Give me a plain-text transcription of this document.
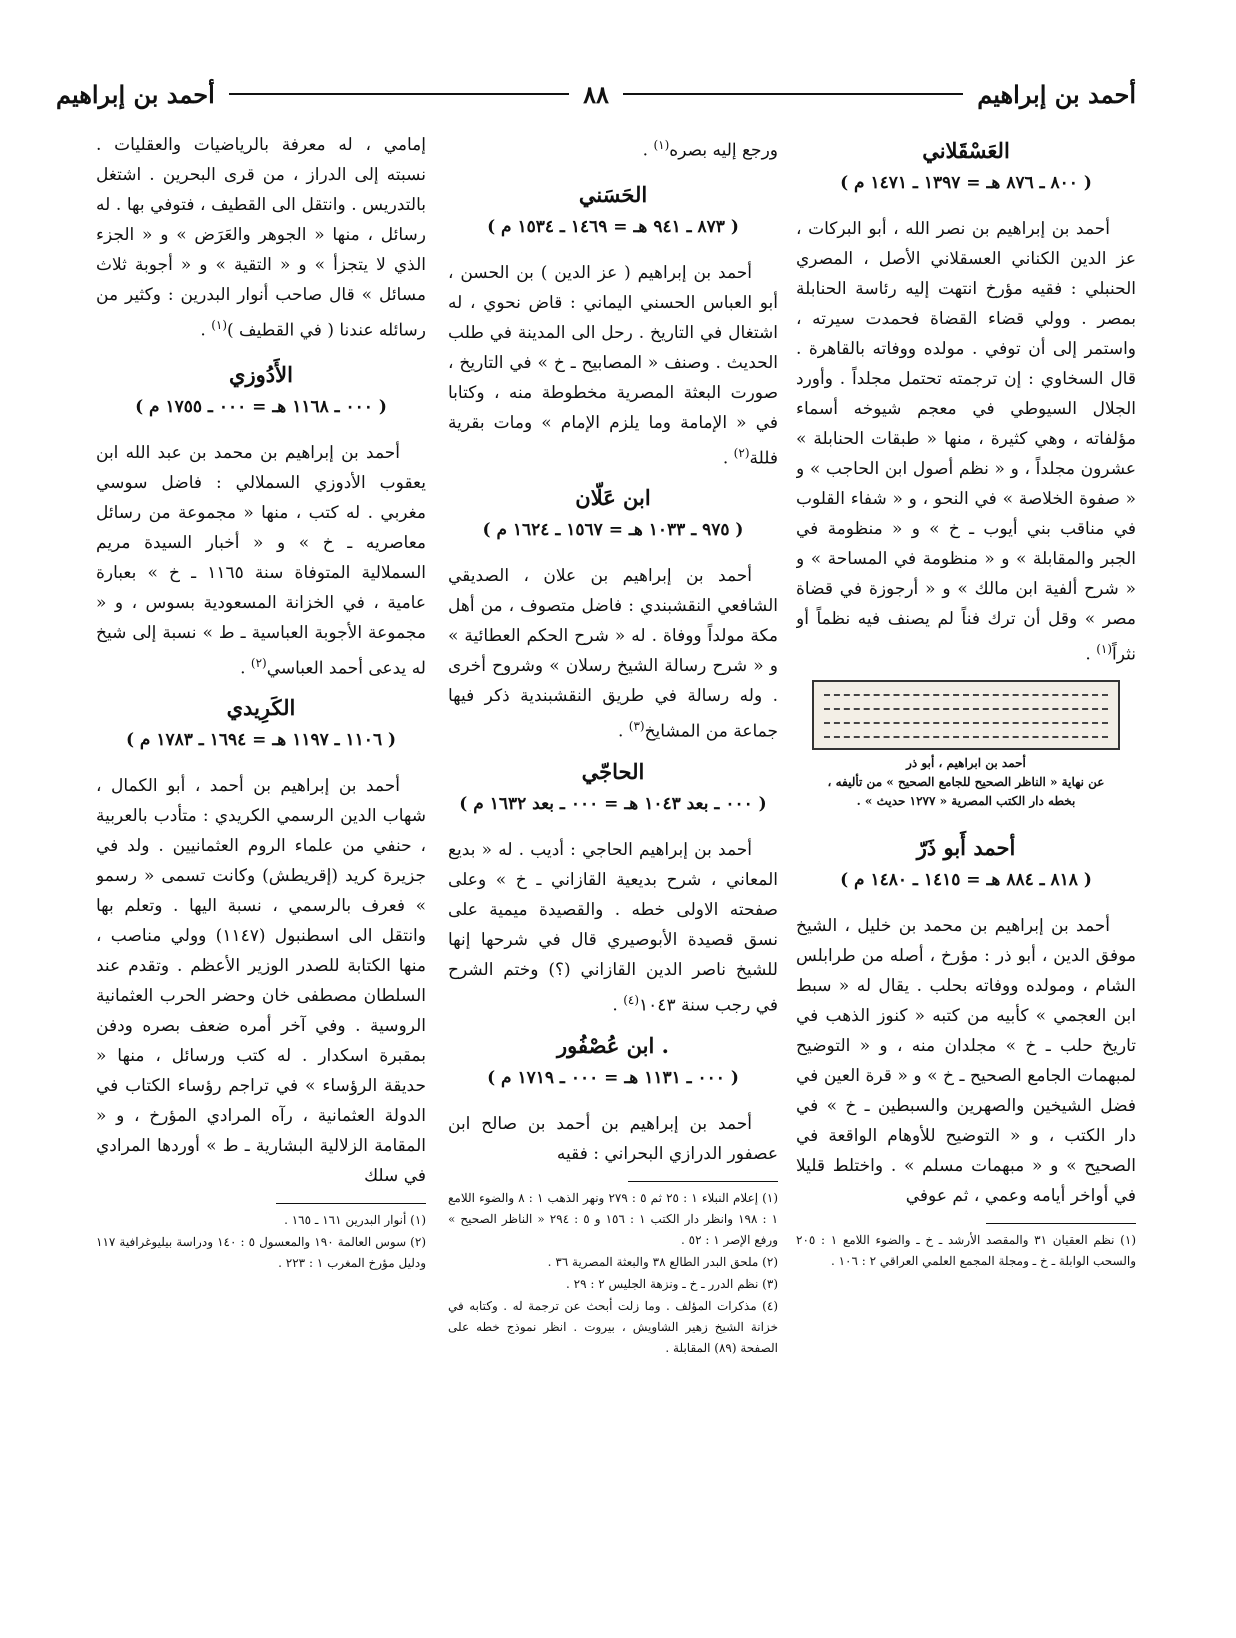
أحمد بن إبراهيم
٨٨
أحمد بن إبراهيم
العَسْقَلاني
( ٨٠٠ ـ ٨٧٦ هـ = ١٣٩٧ ـ ١٤٧١ م )

أحمد بن إبراهيم بن نصر الله ، أبو البركات ، عز الدين الكناني العسقلاني الأصل ، المصري الحنبلي : فقيه مؤرخ انتهت إليه رئاسة الحنابلة بمصر . وولي قضاء القضاة فحمدت سيرته ، واستمر إلى أن توفي . مولده ووفاته بالقاهرة . قال السخاوي : إن ترجمته تحتمل مجلداً . وأورد الجلال السيوطي في معجم شيوخه أسماء مؤلفاته ، وهي كثيرة ، منها « طبقات الحنابلة » عشرون مجلداً ، و « نظم أصول ابن الحاجب » و « صفوة الخلاصة » في النحو ، و « شفاء القلوب في مناقب بني أيوب ـ خ » و « منظومة في الجبر والمقابلة » و « منظومة في المساحة » و « شرح ألفية ابن مالك » و « أرجوزة في قضاة مصر » وقل أن ترك فناً لم يصنف فيه نظماً أو نثراً$^{(١)}$ .

أحمد بن ابراهيم ، أبو ذر
عن نهاية « الناظر الصحيح للجامع الصحيح » من تأليفه ،
بخطه دار الكتب المصرية « ١٢٧٧ حديث » .
أحمد أَبو ذَرّ
( ٨١٨ ـ ٨٨٤ هـ = ١٤١٥ ـ ١٤٨٠ م )

أحمد بن إبراهيم بن محمد بن خليل ، الشيخ موفق الدين ، أبو ذر : مؤرخ ، أصله من طرابلس الشام ، ومولده ووفاته بحلب . يقال له « سبط ابن العجمي » كأبيه من كتبه « كنوز الذهب في تاريخ حلب ـ خ » مجلدان منه ، و « التوضيح لمبهمات الجامع الصحيح ـ خ » و « قرة العين في فضل الشيخين والصهرين والسبطين ـ خ » في دار الكتب ، و « التوضيح للأوهام الواقعة في الصحيح » و « مبهمات مسلم » . واختلط قليلا في أواخر أيامه وعمي ، ثم عوفي

(١) نظم العقيان ٣١ والمقصد الأرشد ـ خ ـ والضوء اللامع ١ : ٢٠٥ والسحب الوابلة ـ خ ـ ومجلة المجمع العلمي العراقي ٢ : ١٠٦ .

ورجع إليه بصره$^{(١)}$ .

الحَسَني
( ٨٧٣ ـ ٩٤١ هـ = ١٤٦٩ ـ ١٥٣٤ م )

أحمد بن إبراهيم ( عز الدين ) بن الحسن ، أبو العباس الحسني اليماني : قاض نحوي ، له اشتغال في التاريخ . رحل الى المدينة في طلب الحديث . وصنف « المصابيح ـ خ » في التاريخ ، صورت البعثة المصرية مخطوطة منه ، وكتابا في « الإمامة وما يلزم الإمام » ومات بقرية فللة$^{(٢)}$ .

ابن عَلّان
( ٩٧٥ ـ ١٠٣٣ هـ = ١٥٦٧ ـ ١٦٢٤ م )

أحمد بن إبراهيم بن علان ، الصديقي الشافعي النقشبندي : فاضل متصوف ، من أهل مكة مولداً ووفاة . له « شرح الحكم العطائية » و « شرح رسالة الشيخ رسلان » وشروح أخرى . وله رسالة في طريق النقشبندية ذكر فيها جماعة من المشايخ$^{(٣)}$ .

الحاجّي
( ٠٠٠ ـ بعد ١٠٤٣ هـ = ٠٠٠ ـ بعد ١٦٣٢ م )

أحمد بن إبراهيم الحاجي : أديب . له « بديع المعاني ، شرح بديعية القازاني ـ خ » وعلى صفحته الاولى خطه . والقصيدة ميمية على نسق قصيدة الأبوصيري قال في شرحها إنها للشيخ ناصر الدين القازاني (؟) وختم الشرح في رجب سنة ١٠٤٣$^{(٤)}$ .

. ابن عُصْفُور
( ٠٠٠ ـ ١١٣١ هـ = ٠٠٠ ـ ١٧١٩ م )

أحمد بن إبراهيم بن أحمد بن صالح ابن عصفور الدرازي البحراني : فقيه

(١) إعلام النبلاء ١ : ٢٥ ثم ٥ : ٢٧٩ ونهر الذهب ١ : ٨ والضوء اللامع ١ : ١٩٨ وانظر دار الكتب ١ : ١٥٦ و ٥ : ٢٩٤ « الناظر الصحيح » ورفع الإصر ١ : ٥٢ .
(٢) ملحق البدر الطالع ٣٨ والبعثة المصرية ٣٦ .
(٣) نظم الدرر ـ خ ـ ونزهة الجليس ٢ : ٢٩ .
(٤) مذكرات المؤلف . وما زلت أبحث عن ترجمة له . وكتابه في خزانة الشيخ زهير الشاويش ، بيروت . انظر نموذج خطه على الصفحة (٨٩) المقابلة .

إمامي ، له معرفة بالرياضيات والعقليات . نسبته إلى الدراز ، من قرى البحرين . اشتغل بالتدريس . وانتقل الى القطيف ، فتوفي بها . له رسائل ، منها « الجوهر والعَرَض » و « الجزء الذي لا يتجزأ » و « التقية » و « أجوبة ثلاث مسائل » قال صاحب أنوار البدرين : وكثير من رسائله عندنا ( في القطيف )$^{(١)}$ .

الأَدُوزي
( ٠٠٠ ـ ١١٦٨ هـ = ٠٠٠ ـ ١٧٥٥ م )

أحمد بن إبراهيم بن محمد بن عبد الله ابن يعقوب الأدوزي السملالي : فاضل سوسي مغربي . له كتب ، منها « مجموعة من رسائل معاصريه ـ خ » و « أخبار السيدة مريم السملالية المتوفاة سنة ١١٦٥ ـ خ » بعبارة عامية ، في الخزانة المسعودية بسوس ، و « مجموعة الأجوبة العباسية ـ ط » نسبة إلى شيخ له يدعى أحمد العباسي$^{(٢)}$ .

الكَرِيدي
( ١١٠٦ ـ ١١٩٧ هـ = ١٦٩٤ ـ ١٧٨٣ م )

أحمد بن إبراهيم بن أحمد ، أبو الكمال ، شهاب الدين الرسمي الكريدي : متأدب بالعربية ، حنفي من علماء الروم العثمانيين . ولد في جزيرة كريد (إقريطش) وكانت تسمى « رسمو » فعرف بالرسمي ، نسبة اليها . وتعلم بها وانتقل الى اسطنبول (١١٤٧) وولي مناصب ، منها الكتابة للصدر الوزير الأعظم . وتقدم عند السلطان مصطفى خان وحضر الحرب العثمانية الروسية . وفي آخر أمره ضعف بصره ودفن بمقبرة اسكدار . له كتب ورسائل ، منها « حديقة الرؤساء » في تراجم رؤساء الكتاب في الدولة العثمانية ، رآه المرادي المؤرخ ، و « المقامة الزلالية البشارية ـ ط » أوردها المرادي في سلك

(١) أنوار البدرين ١٦١ ـ ١٦٥ .
(٢) سوس العالمة ١٩٠ والمعسول ٥ : ١٤٠ ودراسة بيليوغرافية ١١٧ ودليل مؤرخ المغرب ١ : ٢٢٣ .
